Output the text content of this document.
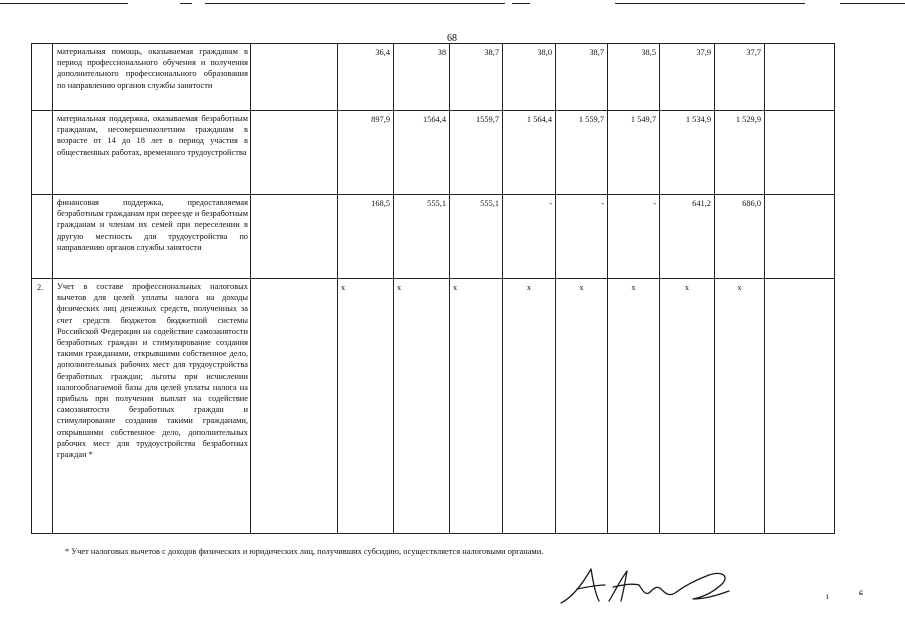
68
	материальная помощь, оказываемая гражданам в период профессионального обучения и получения дополнительного профессионального образования по направлению органов службы занятости		36,4	38	38,7	38,0	38,7	38,5	37,9	37,7	
	материальная поддержка, оказываемая безработным гражданам, несовершеннолетним гражданам в возрасте от 14 до 18 лет в период участия в общественных работах, временного трудоустройства		897,9	1564,4	1559,7	1 564,4	1 559,7	1 549,7	1 534,9	1 529,9	
	финансовая поддержка, предоставляемая безработным гражданам при переезде и безработным гражданам и членам их семей при переселении в другую местность для трудоустройства по направлению органов службы занятости		168,5	555,1	555,1	-	-	-	641,2	686,0	
2.	Учет в составе профессиональных налоговых вычетов для целей уплаты налога на доходы физических лиц денежных средств, полученных за счет средств бюджетов бюджетной системы Российской Федерации на содействие самозанятости безработных граждан и стимулирование создания такими гражданами, открывшими собственное дело, дополнительных рабочих мест для трудоустройства безработных граждан; льготы при исчислении налогооблагаемой базы для целей уплаты налога на прибыль при получении выплат на содействие самозанятости безработных граждан и стимулирование создания такими гражданами, открывшими собственное дело, дополнительных рабочих мест для трудоустройства безработных граждан *		x	x	x	x	x	x	x	x	
* Учет налоговых вычетов с доходов физических и юридических лиц, получивших субсидию, осуществляется налоговыми органами.
ɪ	ɕ
